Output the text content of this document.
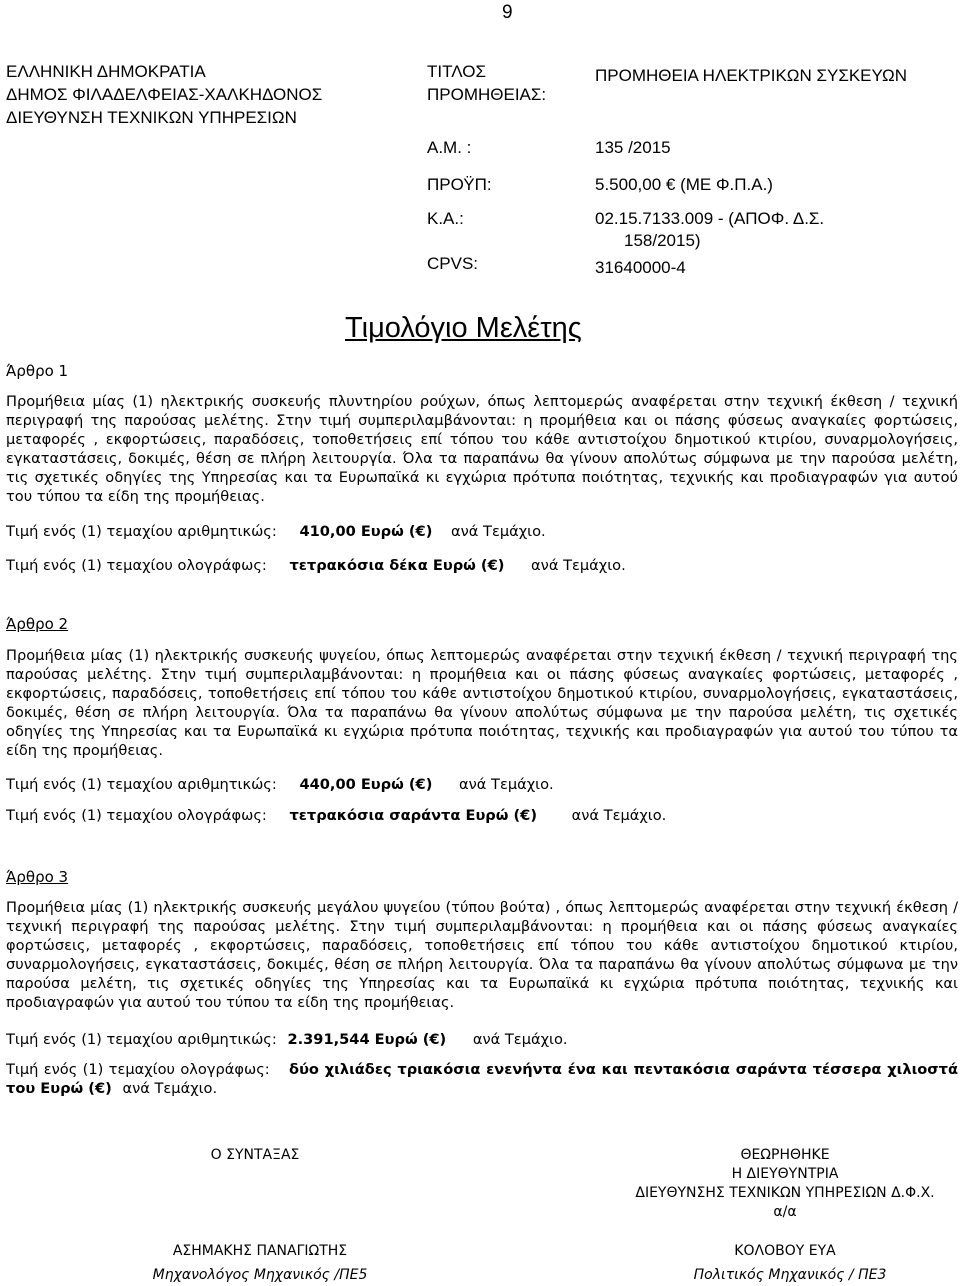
9
ΕΛΛΗΝΙΚΗ ΔΗΜΟΚΡΑΤΙΑ
ΔΗΜΟΣ ΦΙΛΑΔΕΛΦΕΙΑΣ-ΧΑΛΚΗΔΟΝΟΣ
ΔΙΕΥΘΥΝΣΗ ΤΕΧΝΙΚΩΝ ΥΠΗΡΕΣΙΩΝ
ΤΙΤΛΟΣ
ΠΡΟΜΗΘΕΙΑΣ:
ΠΡΟΜΗΘΕΙΑ ΗΛΕΚΤΡΙΚΩΝ ΣΥΣΚΕΥΩΝ
Α.Μ. :	135 /2015
ΠΡΟΫΠ:	5.500,00 € (ΜΕ Φ.Π.Α.)
Κ.Α.:	02.15.7133.009 - (ΑΠΟΦ. Δ.Σ.
158/2015)
CPVS:	31640000-4
Τιμολόγιο Μελέτης
Άρθρο 1
Προμήθεια μίας (1) ηλεκτρικής συσκευής πλυντηρίου ρούχων, όπως λεπτομερώς αναφέρεται στην τεχνική έκθεση / τεχνική περιγραφή της παρούσας μελέτης. Στην τιμή συμπεριλαμβάνονται: η προμήθεια και οι πάσης φύσεως αναγκαίες φορτώσεις, μεταφορές , εκφορτώσεις, παραδόσεις, τοποθετήσεις επί τόπου του κάθε αντιστοίχου δημοτικού κτιρίου, συναρμολογήσεις, εγκαταστάσεις, δοκιμές, θέση σε πλήρη λειτουργία. Όλα τα παραπάνω θα γίνουν απολύτως σύμφωνα με την παρούσα μελέτη, τις σχετικές οδηγίες της Υπηρεσίας και τα Ευρωπαϊκά κι εγχώρια πρότυπα ποιότητας, τεχνικής και προδιαγραφών για αυτού του τύπου τα είδη της προμήθειας.
Τιμή ενός (1) τεμαχίου αριθμητικώς: 410,00 Ευρώ (€) ανά Τεμάχιο.
Τιμή ενός (1) τεμαχίου ολογράφως: τετρακόσια δέκα Ευρώ (€) ανά Τεμάχιο.
Άρθρο 2
Προμήθεια μίας (1) ηλεκτρικής συσκευής ψυγείου, όπως λεπτομερώς αναφέρεται στην τεχνική έκθεση / τεχνική περιγραφή της παρούσας μελέτης. Στην τιμή συμπεριλαμβάνονται: η προμήθεια και οι πάσης φύσεως αναγκαίες φορτώσεις, μεταφορές , εκφορτώσεις, παραδόσεις, τοποθετήσεις επί τόπου του κάθε αντιστοίχου δημοτικού κτιρίου, συναρμολογήσεις, εγκαταστάσεις, δοκιμές, θέση σε πλήρη λειτουργία. Όλα τα παραπάνω θα γίνουν απολύτως σύμφωνα με την παρούσα μελέτη, τις σχετικές οδηγίες της Υπηρεσίας και τα Ευρωπαϊκά κι εγχώρια πρότυπα ποιότητας, τεχνικής και προδιαγραφών για αυτού του τύπου τα είδη της προμήθειας.
Τιμή ενός (1) τεμαχίου αριθμητικώς: 440,00 Ευρώ (€) ανά Τεμάχιο.
Τιμή ενός (1) τεμαχίου ολογράφως: τετρακόσια σαράντα Ευρώ (€) ανά Τεμάχιο.
Άρθρο 3
Προμήθεια μίας (1) ηλεκτρικής συσκευής μεγάλου ψυγείου (τύπου βούτα) , όπως λεπτομερώς αναφέρεται στην τεχνική έκθεση / τεχνική περιγραφή της παρούσας μελέτης. Στην τιμή συμπεριλαμβάνονται: η προμήθεια και οι πάσης φύσεως αναγκαίες φορτώσεις, μεταφορές , εκφορτώσεις, παραδόσεις, τοποθετήσεις επί τόπου του κάθε αντιστοίχου δημοτικού κτιρίου, συναρμολογήσεις, εγκαταστάσεις, δοκιμές, θέση σε πλήρη λειτουργία. Όλα τα παραπάνω θα γίνουν απολύτως σύμφωνα με την παρούσα μελέτη, τις σχετικές οδηγίες της Υπηρεσίας και τα Ευρωπαϊκά κι εγχώρια πρότυπα ποιότητας, τεχνικής και προδιαγραφών για αυτού του τύπου τα είδη της προμήθειας.
Τιμή ενός (1) τεμαχίου αριθμητικώς: 2.391,544 Ευρώ (€) ανά Τεμάχιο.
Τιμή ενός (1) τεμαχίου ολογράφως: δύο χιλιάδες τριακόσια ενενήντα ένα και πεντακόσια σαράντα τέσσερα χιλιοστά του Ευρώ (€) ανά Τεμάχιο.
Ο ΣΥΝΤΑΞΑΣ	ΘΕΩΡΗΘΗΚΕ
Η ΔΙΕΥΘΥΝΤΡΙΑ
ΔΙΕΥΘΥΝΣΗΣ ΤΕΧΝΙΚΩΝ ΥΠΗΡΕΣΙΩΝ Δ.Φ.Χ.
α/α
ΑΣΗΜΑΚΗΣ ΠΑΝΑΓΙΩΤΗΣ	ΚΟΛΟΒΟΥ ΕΥΑ
Μηχανολόγος Μηχανικός /ΠΕ5	Πολιτικός Μηχανικός / ΠΕ3
